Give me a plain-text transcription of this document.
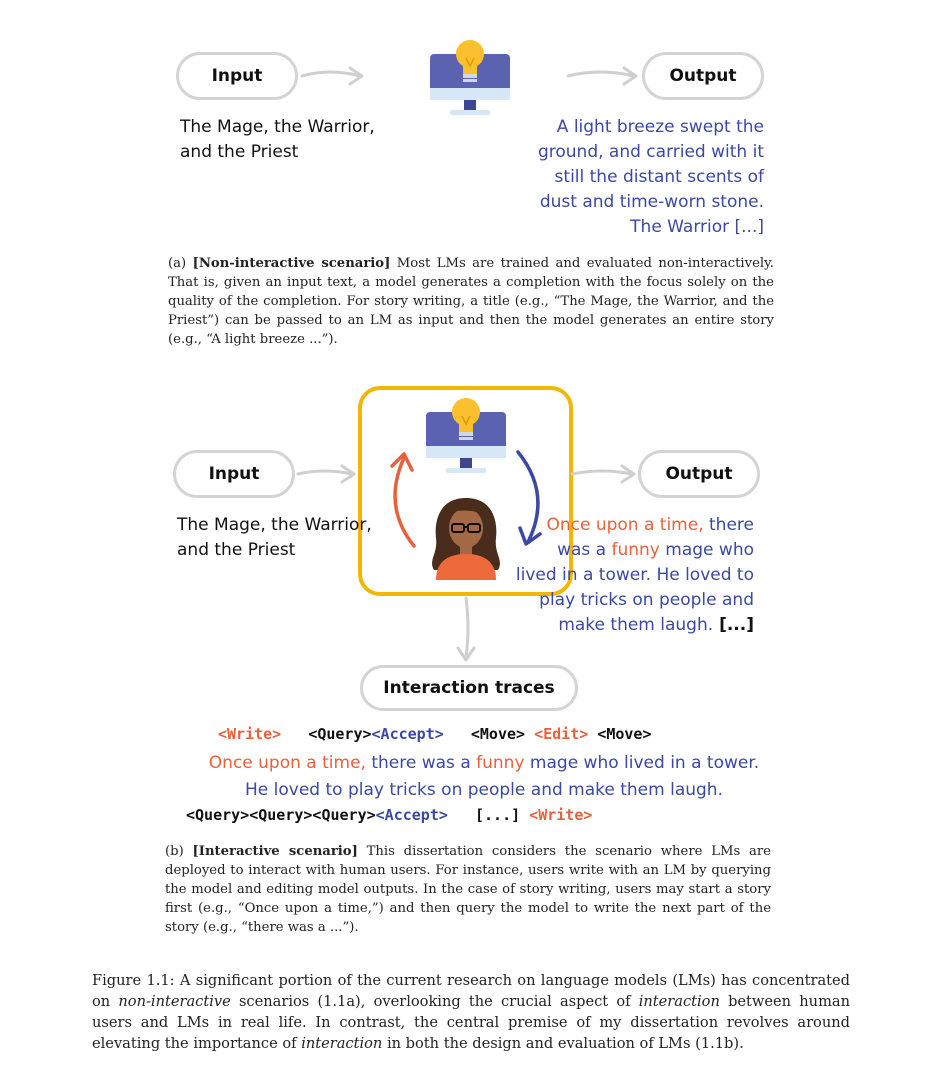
Input	Output
The Mage, the Warrior,
and the Priest
A light breeze swept the
ground, and carried with it
still the distant scents of
dust and time-worn stone.
The Warrior [...]
(a) [Non-interactive scenario] Most LMs are trained and evaluated non-interactively. That is, given an input text, a model generates a completion with the focus solely on the quality of the completion. For story writing, a title (e.g., “The Mage, the Warrior, and the Priest”) can be passed to an LM as input and then the model generates an entire story (e.g., “A light breeze ...”).
Input	Output
The Mage, the Warrior,
and the Priest
Once upon a time, there
was a funny mage who
lived in a tower. He loved to
play tricks on people and
make them laugh. [...]
Interaction traces
<Write> <Query><Accept> <Move> <Edit> <Move>
Once upon a time, there was a funny mage who lived in a tower.
He loved to play tricks on people and make them laugh.
<Query><Query><Query><Accept> [...] <Write>
(b) [Interactive scenario] This dissertation considers the scenario where LMs are deployed to interact with human users. For instance, users write with an LM by querying the model and editing model outputs. In the case of story writing, users may start a story first (e.g., “Once upon a time,”) and then query the model to write the next part of the story (e.g., “there was a ...”).
Figure 1.1: A significant portion of the current research on language models (LMs) has concentrated on non-interactive scenarios (1.1a), overlooking the crucial aspect of interaction between human users and LMs in real life. In contrast, the central premise of my dissertation revolves around elevating the importance of interaction in both the design and evaluation of LMs (1.1b).
